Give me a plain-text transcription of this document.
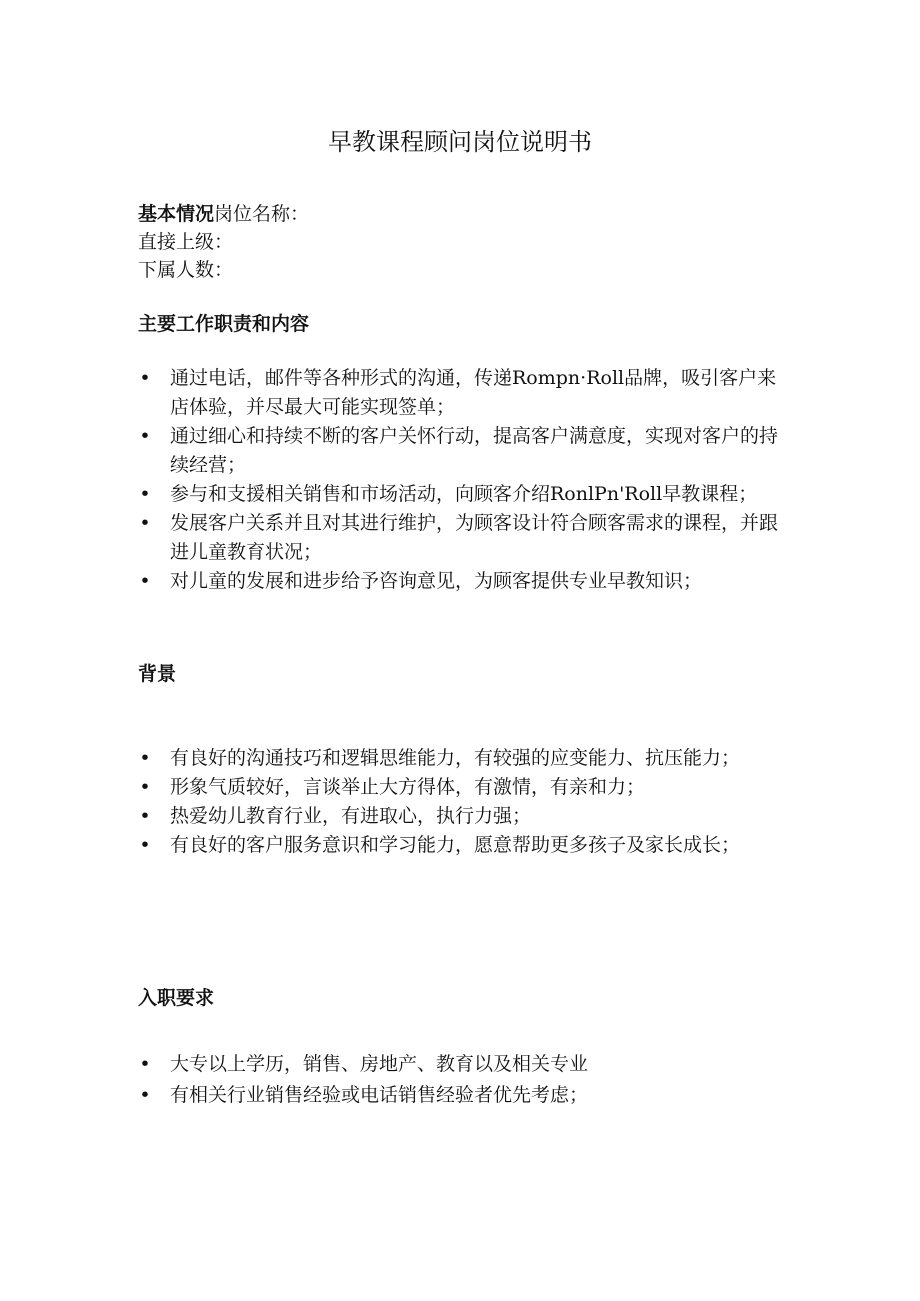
早教课程顾问岗位说明书
基本情况岗位名称：
直接上级：
下属人数：
主要工作职责和内容
• 通过电话，邮件等各种形式的沟通，传递Rompn·Roll品牌，吸引客户来店体验，并尽最大可能实现签单；
• 通过细心和持续不断的客户关怀行动，提高客户满意度，实现对客户的持续经营；
• 参与和支援相关销售和市场活动，向顾客介绍RonlPn'Roll早教课程；
• 发展客户关系并且对其进行维护，为顾客设计符合顾客需求的课程，并跟进儿童教育状况；
• 对儿童的发展和进步给予咨询意见，为顾客提供专业早教知识；
背景
• 有良好的沟通技巧和逻辑思维能力，有较强的应变能力、抗压能力；
• 形象气质较好，言谈举止大方得体，有激情，有亲和力；
• 热爱幼儿教育行业，有进取心，执行力强；
• 有良好的客户服务意识和学习能力，愿意帮助更多孩子及家长成长；
入职要求
• 大专以上学历，销售、房地产、教育以及相关专业
• 有相关行业销售经验或电话销售经验者优先考虑；
